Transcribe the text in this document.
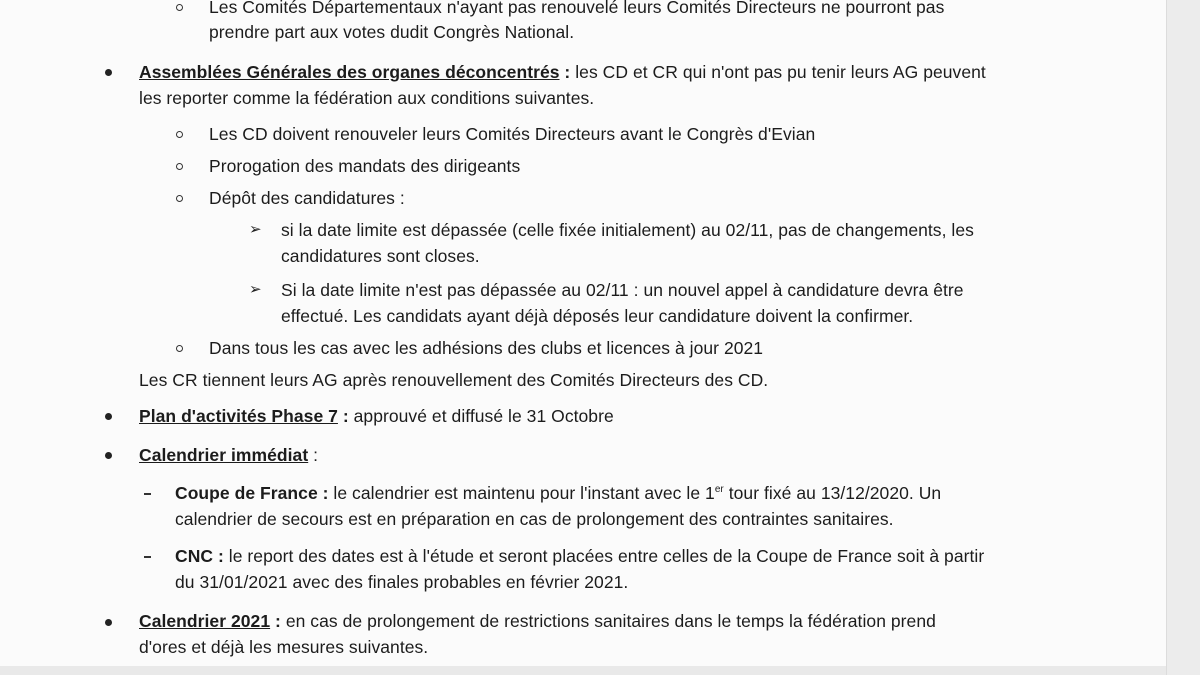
Les Comités Départementaux n'ayant pas renouvelé leurs Comités Directeurs ne pourront pas
prendre part aux votes dudit Congrès National.
Assemblées Générales des organes déconcentrés : les CD et CR qui n'ont pas pu tenir leurs AG peuvent
les reporter comme la fédération aux conditions suivantes.
Les CD doivent renouveler leurs Comités Directeurs avant le Congrès d'Evian
Prorogation des mandats des dirigeants
Dépôt des candidatures :
➢ si la date limite est dépassée (celle fixée initialement) au 02/11, pas de changements, les
candidatures sont closes.
➢ Si la date limite n'est pas dépassée au 02/11 : un nouvel appel à candidature devra être
effectué. Les candidats ayant déjà déposés leur candidature doivent la confirmer.
Dans tous les cas avec les adhésions des clubs et licences à jour 2021
Les CR tiennent leurs AG après renouvellement des Comités Directeurs des CD.
Plan d'activités Phase 7 : approuvé et diffusé le 31 Octobre
Calendrier immédiat :
Coupe de France : le calendrier est maintenu pour l'instant avec le 1er tour fixé au 13/12/2020. Un
calendrier de secours est en préparation en cas de prolongement des contraintes sanitaires.
CNC : le report des dates est à l'étude et seront placées entre celles de la Coupe de France soit à partir
du 31/01/2021 avec des finales probables en février 2021.
Calendrier 2021 : en cas de prolongement de restrictions sanitaires dans le temps la fédération prend
d'ores et déjà les mesures suivantes.
